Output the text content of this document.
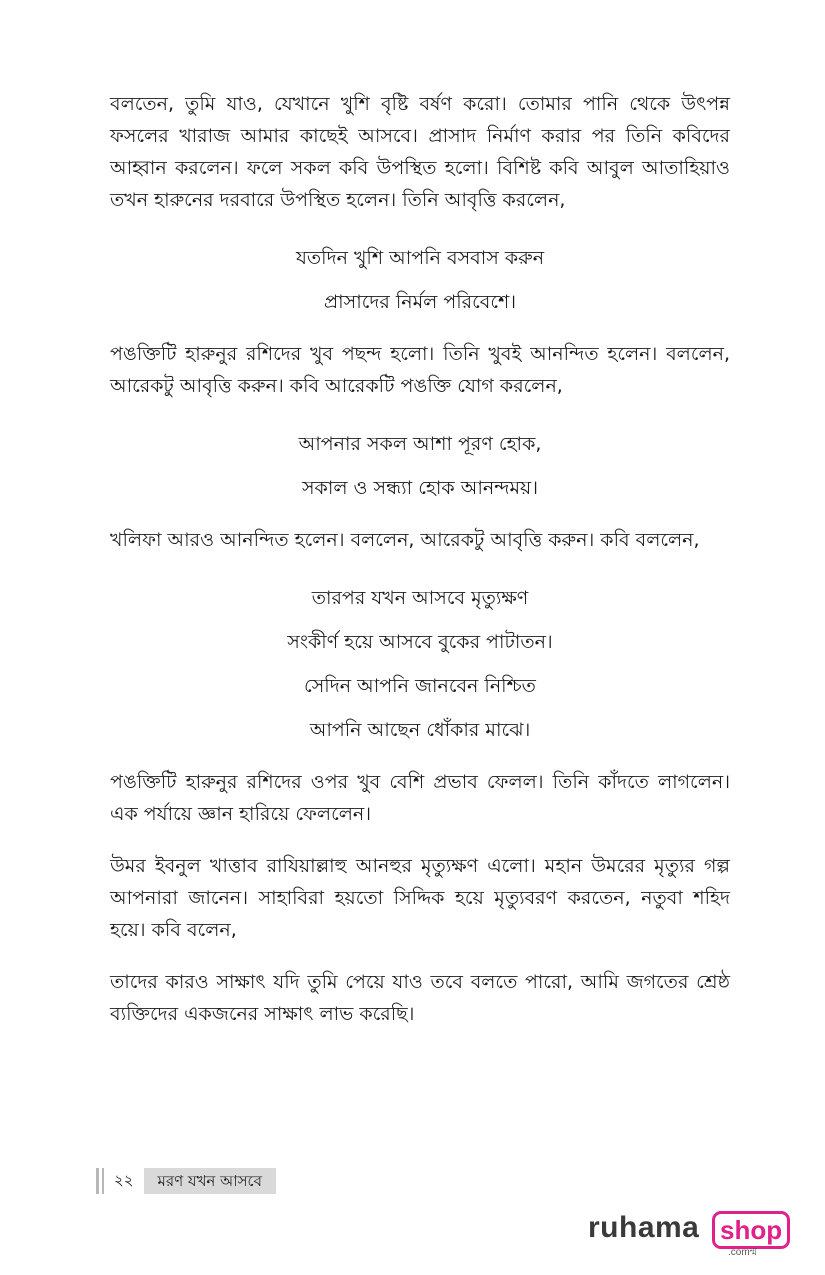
বলতেন, তুমি যাও, যেখানে খুশি বৃষ্টি বর্ষণ করো। তোমার পানি থেকে উৎপন্ন ফসলের খারাজ আমার কাছেই আসবে। প্রাসাদ নির্মাণ করার পর তিনি কবিদের আহ্বান করলেন। ফলে সকল কবি উপস্থিত হলো। বিশিষ্ট কবি আবুল আতাহিয়াও তখন হারুনের দরবারে উপস্থিত হলেন। তিনি আবৃত্তি করলেন,

যতদিন খুশি আপনি বসবাস করুন
প্রাসাদের নির্মল পরিবেশে।

পঙক্তিটি হারুনুর রশিদের খুব পছন্দ হলো। তিনি খুবই আনন্দিত হলেন। বললেন, আরেকটু আবৃত্তি করুন। কবি আরেকটি পঙক্তি যোগ করলেন,

আপনার সকল আশা পূরণ হোক,
সকাল ও সন্ধ্যা হোক আনন্দময়।

খলিফা আরও আনন্দিত হলেন। বললেন, আরেকটু আবৃত্তি করুন। কবি বললেন,

তারপর যখন আসবে মৃত্যুক্ষণ
সংকীর্ণ হয়ে আসবে বুকের পাটাতন।
সেদিন আপনি জানবেন নিশ্চিত
আপনি আছেন ধোঁকার মাঝে।

পঙক্তিটি হারুনুর রশিদের ওপর খুব বেশি প্রভাব ফেলল। তিনি কাঁদতে লাগলেন। এক পর্যায়ে জ্ঞান হারিয়ে ফেললেন।

উমর ইবনুল খাত্তাব রাযিয়াল্লাহু আনহুর মৃত্যুক্ষণ এলো। মহান উমরের মৃত্যুর গল্প আপনারা জানেন। সাহাবিরা হয়তো সিদ্দিক হয়ে মৃত্যুবরণ করতেন, নতুবা শহিদ হয়ে। কবি বলেন,

তাদের কারও সাক্ষাৎ যদি তুমি পেয়ে যাও তবে বলতে পারো, আমি জগতের শ্রেষ্ঠ ব্যক্তিদের একজনের সাক্ষাৎ লাভ করেছি।

২২	মরণ যখন আসবে
ruhama shop
.comম্ম
